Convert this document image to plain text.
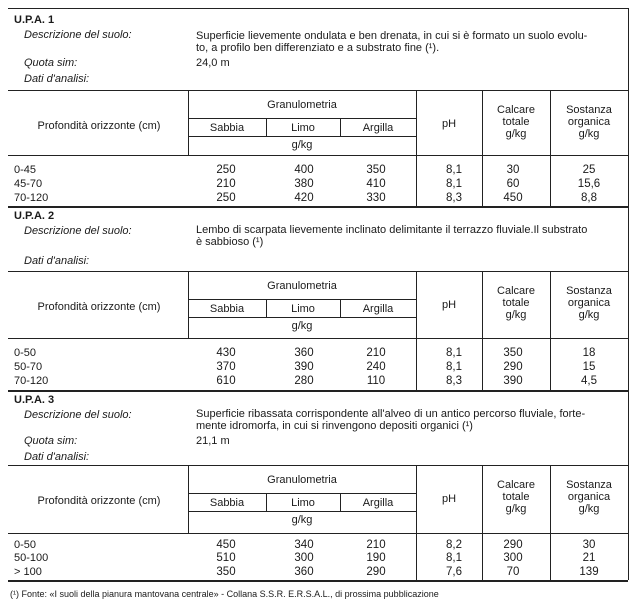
U.P.A. 1
Descrizione del suolo:	Superficie lievemente ondulata e ben drenata, in cui si è formato un suolo evolu-
to, a profilo ben differenziato e a substrato fine (¹).
Quota sim:	24,0 m
Dati d'analisi:
Profondità orizzonte (cm)
Granulometria
Sabbia	Limo	Argilla
g/kg
pH
Calcare
totale
g/kg
Sostanza
organica
g/kg
0-45	250	400	350	8,1	30	25
45-70	210	380	410	8,1	60	15,6
70-120	250	420	330	8,3	450	8,8
U.P.A. 2
Descrizione del suolo:	Lembo di scarpata lievemente inclinato delimitante il terrazzo fluviale.Il substrato
è sabbioso (¹)
Dati d'analisi:
Profondità orizzonte (cm)
Granulometria
Sabbia	Limo	Argilla
g/kg
pH
Calcare
totale
g/kg
Sostanza
organica
g/kg
0-50	430	360	210	8,1	350	18
50-70	370	390	240	8,1	290	15
70-120	610	280	110	8,3	390	4,5
U.P.A. 3
Descrizione del suolo:	Superficie ribassata corrispondente all'alveo di un antico percorso fluviale, forte-
mente idromorfa, in cui si rinvengono depositi organici (¹)
Quota sim:	21,1 m
Dati d'analisi:
Profondità orizzonte (cm)
Granulometria
Sabbia	Limo	Argilla
g/kg
pH
Calcare
totale
g/kg
Sostanza
organica
g/kg
0-50	450	340	210	8,2	290	30
50-100	510	300	190	8,1	300	21
> 100	350	360	290	7,6	70	139
(¹) Fonte: «I suoli della pianura mantovana centrale» - Collana S.S.R. E.R.S.A.L., di prossima pubblicazione
